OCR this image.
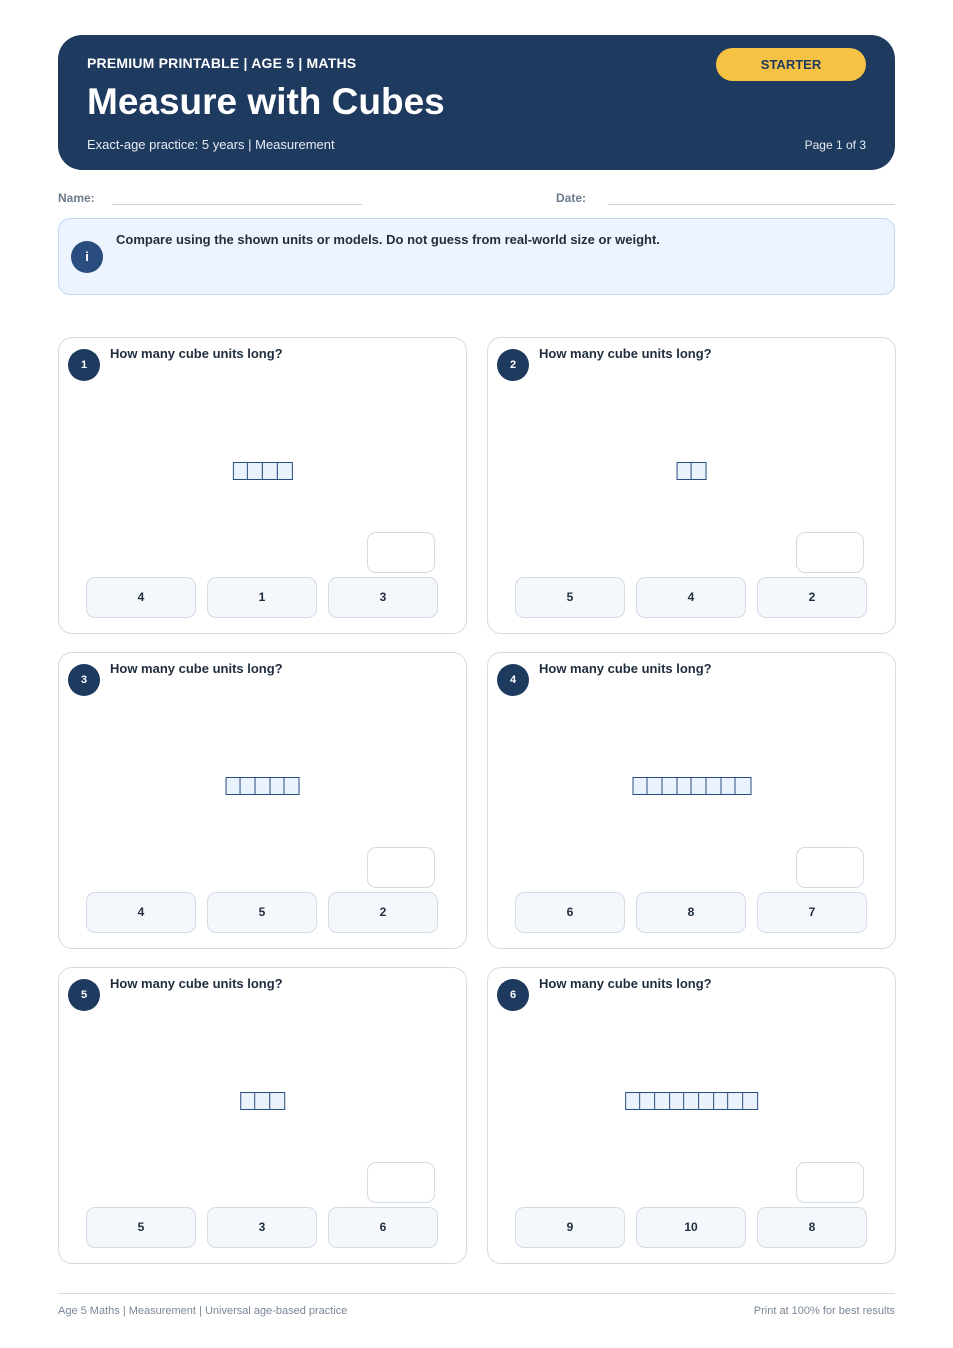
PREMIUM PRINTABLE | AGE 5 | MATHS
Measure with Cubes
Exact-age practice: 5 years | Measurement
STARTER
Page 1 of 3
Name:	Date:
i
Compare using the shown units or models. Do not guess from real-world size or weight.
1
How many cube units long?
4	1	3
2
How many cube units long?
5	4	2
3
How many cube units long?
4	5	2
4
How many cube units long?
6	8	7
5
How many cube units long?
5	3	6
6
How many cube units long?
9	10	8
Age 5 Maths | Measurement | Universal age-based practice	Print at 100% for best results
